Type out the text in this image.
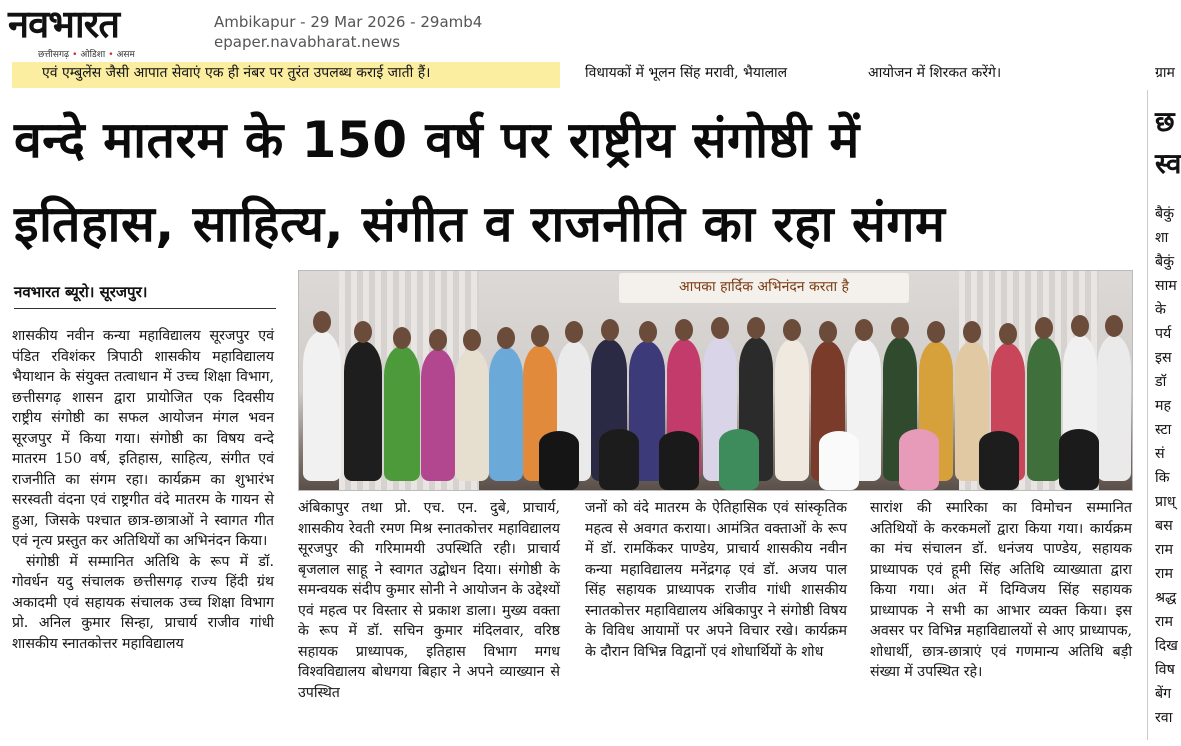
नवभारत
छत्तीसगढ़ • ओडिशा • असम
Ambikapur - 29 Mar 2026 - 29amb4
epaper.navabharat.news
एवं एम्बुलेंस जैसी आपात सेवाएं एक ही नंबर पर तुरंत उपलब्ध कराई जाती हैं।	विधायकों में भूलन सिंह मरावी, भैयालाल	आयोजन में शिरकत करेंगे।	ग्राम
वन्दे मातरम के 150 वर्ष पर राष्ट्रीय संगोष्ठी में
इतिहास, साहित्य, संगीत व राजनीति का रहा संगम
नवभारत ब्यूरो। सूरजपुर।	आपका हार्दिक अभिनंदन करता है

शासकीय नवीन कन्या महाविद्यालय सूरजपुर एवं पंडित रविशंकर त्रिपाठी शासकीय महाविद्यालय भैयाथान के संयुक्त तत्वाधान में उच्च शिक्षा विभाग, छत्तीसगढ़ शासन द्वारा प्रायोजित एक दिवसीय राष्ट्रीय संगोष्ठी का सफल आयोजन मंगल भवन सूरजपुर में किया गया। संगोष्ठी का विषय वन्दे मातरम 150 वर्ष, इतिहास, साहित्य, संगीत एवं राजनीति का संगम रहा। कार्यक्रम का शुभारंभ सरस्वती वंदना एवं राष्ट्रगीत वंदे मातरम के गायन से हुआ, जिसके पश्चात छात्र-छात्राओं ने स्वागत गीत एवं नृत्य प्रस्तुत कर अतिथियों का अभिनंदन किया।

संगोष्ठी में सम्मानित अतिथि के रूप में डॉ. गोवर्धन यदु संचालक छत्तीसगढ़ राज्य हिंदी ग्रंथ अकादमी एवं सहायक संचालक उच्च शिक्षा विभाग प्रो. अनिल कुमार सिन्हा, प्राचार्य राजीव गांधी शासकीय स्नातकोत्तर महाविद्यालय

अंबिकापुर तथा प्रो. एच. एन. दुबे, प्राचार्य, शासकीय रेवती रमण मिश्र स्नातकोत्तर महाविद्यालय सूरजपुर की गरिमामयी उपस्थिति रही। प्राचार्य बृजलाल साहू ने स्वागत उद्बोधन दिया। संगोष्ठी के समन्वयक संदीप कुमार सोनी ने आयोजन के उद्देश्यों एवं महत्व पर विस्तार से प्रकाश डाला। मुख्य वक्ता के रूप में डॉ. सचिन कुमार मंदिलवार, वरिष्ठ सहायक प्राध्यापक, इतिहास विभाग मगध विश्वविद्यालय बोधगया बिहार ने अपने व्याख्यान से उपस्थित

जनों को वंदे मातरम के ऐतिहासिक एवं सांस्कृतिक महत्व से अवगत कराया। आमंत्रित वक्ताओं के रूप में डॉ. रामकिंकर पाण्डेय, प्राचार्य शासकीय नवीन कन्या महाविद्यालय मनेंद्रगढ़ एवं डॉ. अजय पाल सिंह सहायक प्राध्यापक राजीव गांधी शासकीय स्नातकोत्तर महाविद्यालय अंबिकापुर ने संगोष्ठी विषय के विविध आयामों पर अपने विचार रखे। कार्यक्रम के दौरान विभिन्न विद्वानों एवं शोधार्थियों के शोध

सारांश की स्मारिका का विमोचन सम्मानित अतिथियों के करकमलों द्वारा किया गया। कार्यक्रम का मंच संचालन डॉ. धनंजय पाण्डेय, सहायक प्राध्यापक एवं हूमी सिंह अतिथि व्याख्याता द्वारा किया गया। अंत में दिग्विजय सिंह सहायक प्राध्यापक ने सभी का आभार व्यक्त किया। इस अवसर पर विभिन्न महाविद्यालयों से आए प्राध्यापक, शोधार्थी, छात्र-छात्राएं एवं गणमान्य अतिथि बड़ी संख्या में उपस्थित रहे।

छ
स्व
बैकुं
शा
बैकुं
साम
के
पर्य
इस
डॉ
मह
स्टा
सं
कि
प्राध्
बस
राम
राम
श्रद्ध
राम
दिख
विष
बेंग
रवा
